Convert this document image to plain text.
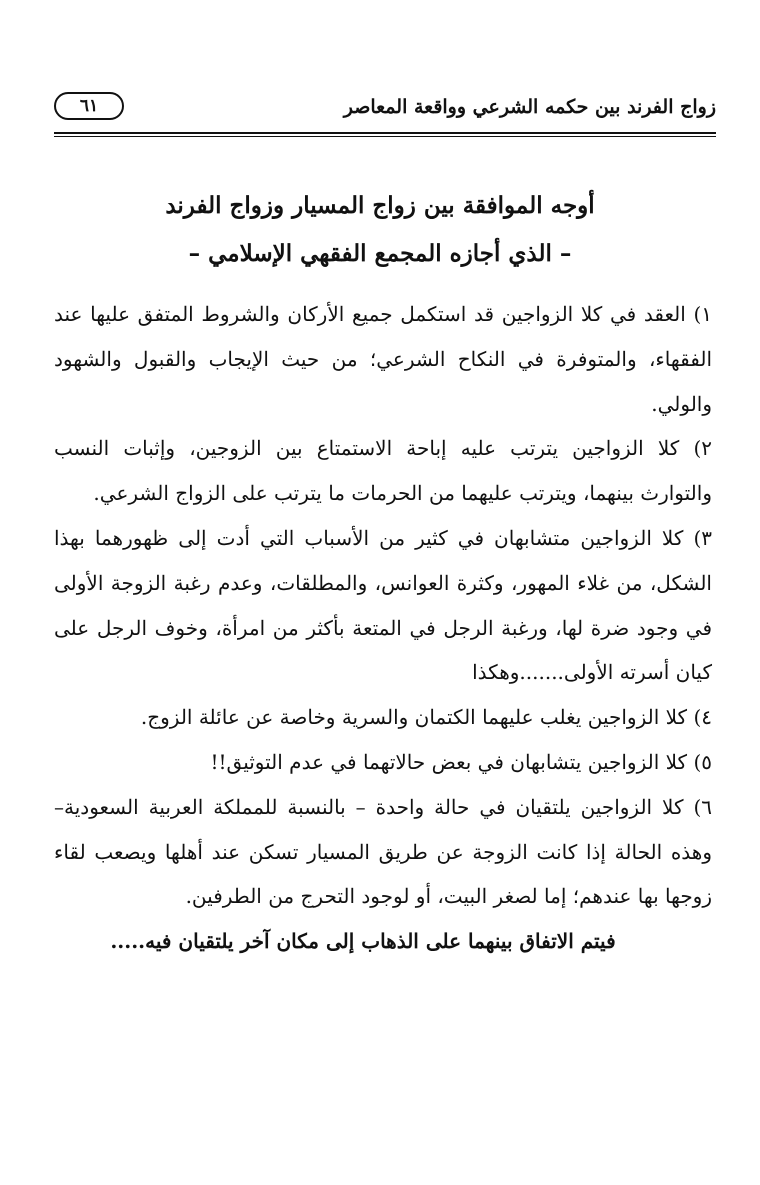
زواج الفرند بين حكمه الشرعي وواقعة المعاصر
٦١
أوجه الموافقة بين زواج المسيار وزواج الفرند
– الذي أجازه المجمع الفقهي الإسلامي –

١) العقد في كلا الزواجين قد استكمل جميع الأركان والشروط المتفق عليها عند الفقهاء، والمتوفرة في النكاح الشرعي؛ من حيث الإيجاب والقبول والشهود والولي.

٢) كلا الزواجين يترتب عليه إباحة الاستمتاع بين الزوجين، وإثبات النسب والتوارث بينهما، ويترتب عليهما من الحرمات ما يترتب على الزواج الشرعي.

٣) كلا الزواجين متشابهان في كثير من الأسباب التي أدت إلى ظهورهما بهذا الشكل، من غلاء المهور، وكثرة العوانس، والمطلقات، وعدم رغبة الزوجة الأولى في وجود ضرة لها، ورغبة الرجل في المتعة بأكثر من امرأة، وخوف الرجل على كيان أسرته الأولى.......وهكذا

٤) كلا الزواجين يغلب عليهما الكتمان والسرية وخاصة عن عائلة الزوج.

٥) كلا الزواجين يتشابهان في بعض حالاتهما في عدم التوثيق!!

٦) كلا الزواجين يلتقيان في حالة واحدة – بالنسبة للمملكة العربية السعودية– وهذه الحالة إذا كانت الزوجة عن طريق المسيار تسكن عند أهلها ويصعب لقاء زوجها بها عندهم؛ إما لصغر البيت، أو لوجود التحرج من الطرفين.

فيتم الاتفاق بينهما على الذهاب إلى مكان آخر يلتقيان فيه.....
